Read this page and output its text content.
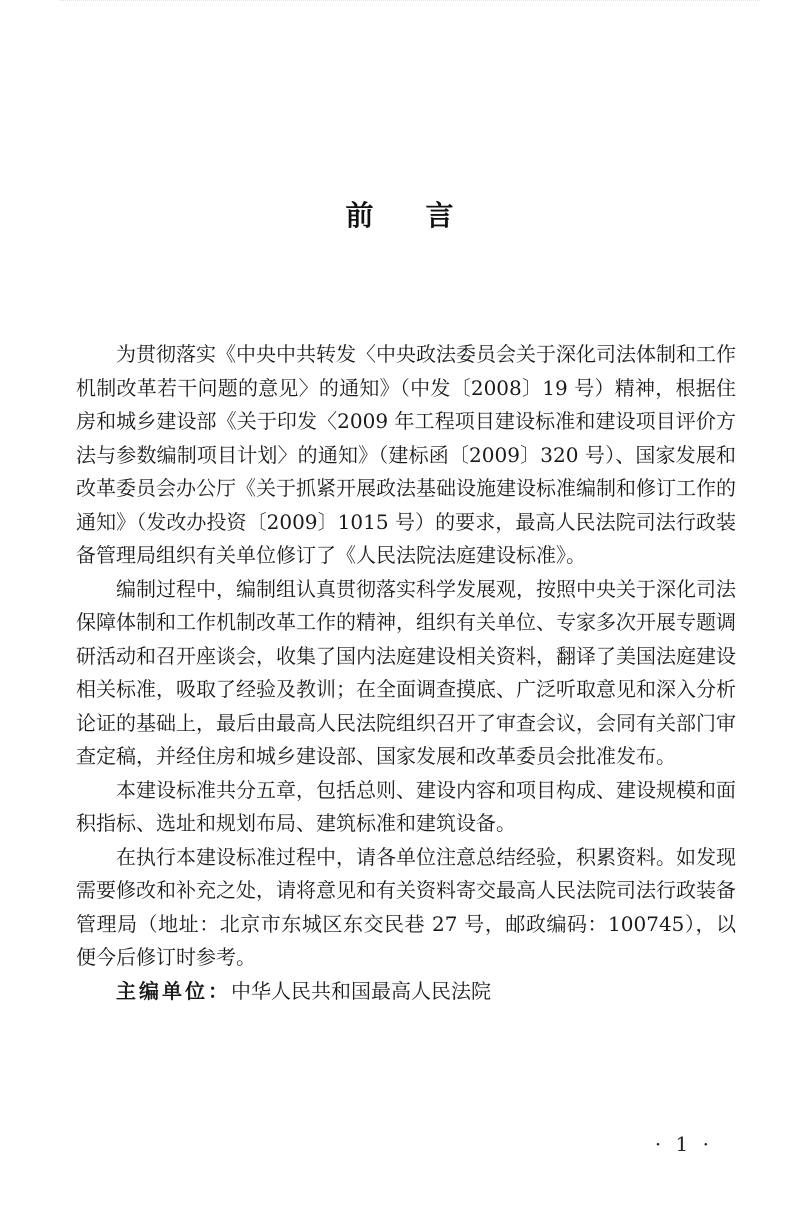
前言

为贯彻落实《中央中共转发〈中央政法委员会关于深化司法体制和工作机制改革若干问题的意见〉的通知》（中发〔2008〕19 号）精神，根据住房和城乡建设部《关于印发〈2009 年工程项目建设标准和建设项目评价方法与参数编制项目计划〉的通知》（建标函〔2009〕320 号）、国家发展和改革委员会办公厅《关于抓紧开展政法基础设施建设标准编制和修订工作的通知》（发改办投资〔2009〕1015 号）的要求，最高人民法院司法行政装备管理局组织有关单位修订了《人民法院法庭建设标准》。

编制过程中，编制组认真贯彻落实科学发展观，按照中央关于深化司法保障体制和工作机制改革工作的精神，组织有关单位、专家多次开展专题调研活动和召开座谈会，收集了国内法庭建设相关资料，翻译了美国法庭建设相关标准，吸取了经验及教训；在全面调查摸底、广泛听取意见和深入分析论证的基础上，最后由最高人民法院组织召开了审查会议，会同有关部门审查定稿，并经住房和城乡建设部、国家发展和改革委员会批准发布。

本建设标准共分五章，包括总则、建设内容和项目构成、建设规模和面积指标、选址和规划布局、建筑标准和建筑设备。

在执行本建设标准过程中，请各单位注意总结经验，积累资料。如发现需要修改和补充之处，请将意见和有关资料寄交最高人民法院司法行政装备管理局（地址：北京市东城区东交民巷 27 号，邮政编码：100745），以便今后修订时参考。

主编单位：中华人民共和国最高人民法院

· 1 ·
